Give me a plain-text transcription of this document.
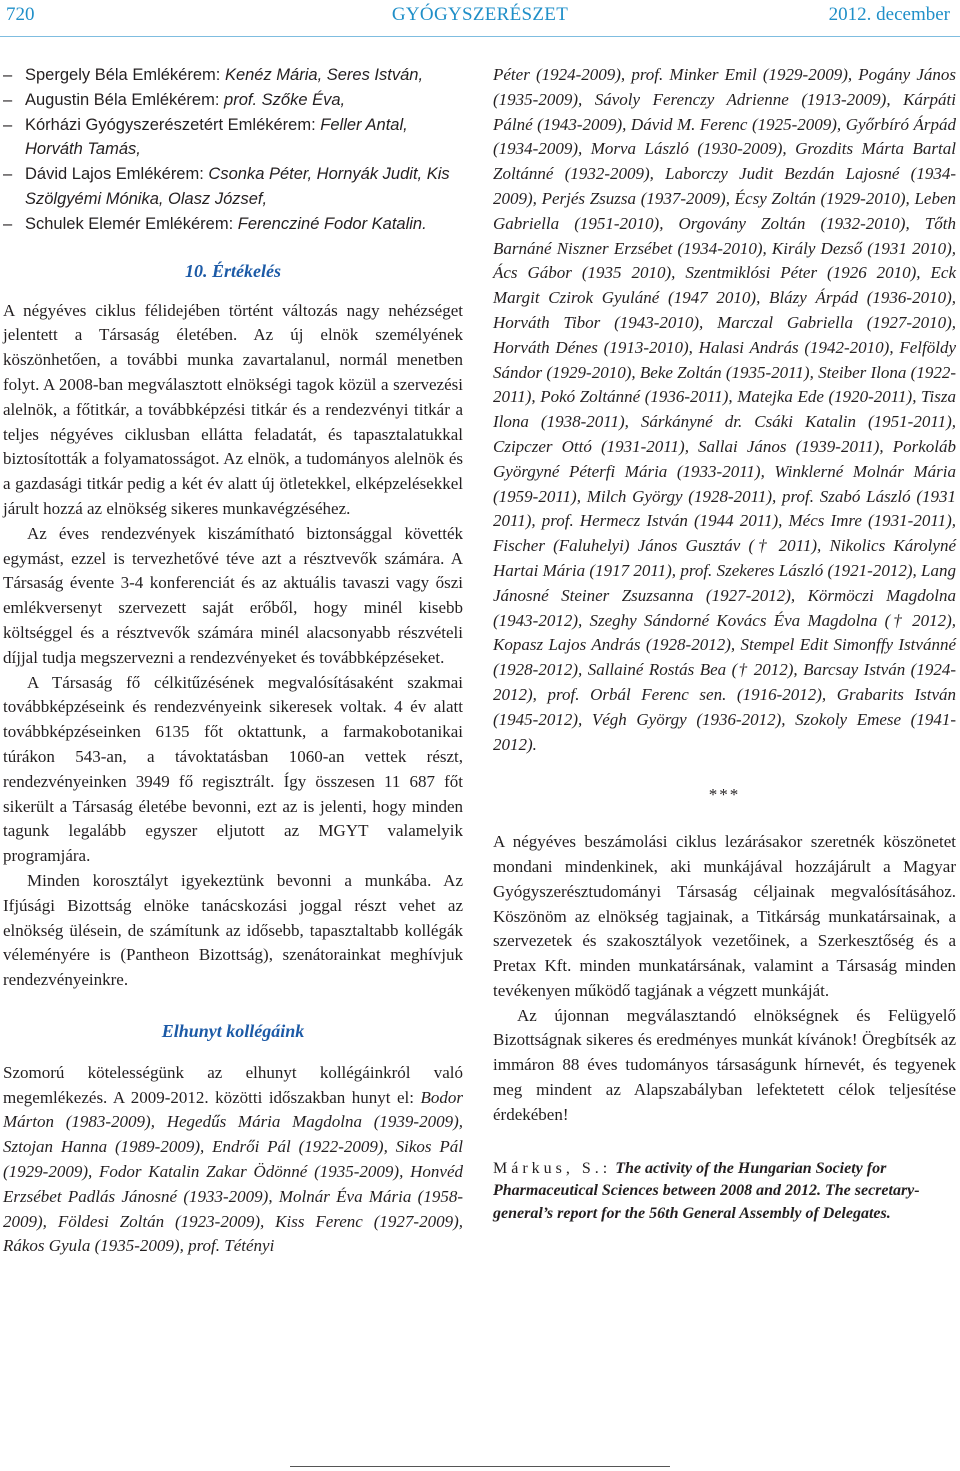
720	GYÓGYSZERÉSZET	2012. december
– Spergely Béla Emlékérem: Kenéz Mária, Seres István,
– Augustin Béla Emlékérem: prof. Szőke Éva,
– Kórházi Gyógyszerészetért Emlékérem: Feller Antal, Horváth Tamás,
– Dávid Lajos Emlékérem: Csonka Péter, Hornyák Judit, Kis Szölgyémi Mónika, Olasz József,
– Schulek Elemér Emlékérem: Ferencziné Fodor Katalin.
10. Értékelés

A négyéves ciklus félidejében történt változás nagy nehézséget jelentett a Társaság életében. Az új elnök személyének köszönhetően, a további munka zavartalanul, normál menetben folyt. A 2008-ban megválasztott elnökségi tagok közül a szervezési alelnök, a főtitkár, a továbbképzési titkár és a rendezvényi titkár a teljes négyéves ciklusban ellátta feladatát, és tapasztalatukkal biztosították a folyamatosságot. Az elnök, a tudományos alelnök és a gazdasági titkár pedig a két év alatt új ötletekkel, elképzelésekkel járult hozzá az elnökség sikeres munkavégzéséhez.

Az éves rendezvények kiszámítható biztonsággal követték egymást, ezzel is tervezhetővé téve azt a résztvevők számára. A Társaság évente 3-4 konferenciát és az aktuális tavaszi vagy őszi emlékversenyt szervezett saját erőből, hogy minél kisebb költséggel és a résztvevők számára minél alacsonyabb részvételi díjjal tudja megszervezni a rendezvényeket és továbbképzéseket.

A Társaság fő célkitűzésének megvalósításaként szakmai továbbképzéseink és rendezvényeink sikeresek voltak. 4 év alatt továbbképzéseinken 6135 főt oktattunk, a farmakobotanikai túrákon 543-an, a távoktatásban 1060-an vettek részt, rendezvényeinken 3949 fő regisztrált. Így összesen 11 687 főt sikerült a Társaság életébe bevonni, ezt az is jelenti, hogy minden tagunk legalább egyszer eljutott az MGYT valamelyik programjára.

Minden korosztályt igyekeztünk bevonni a munkába. Az Ifjúsági Bizottság elnöke tanácskozási joggal részt vehet az elnökség ülésein, de számítunk az idősebb, tapasztaltabb kollégák véleményére is (Pantheon Bizottság), szenátorainkat meghívjuk rendezvényeinkre.

Elhunyt kollégáink

Szomorú kötelességünk az elhunyt kollégáinkról való megemlékezés. A 2009-2012. közötti időszakban hunyt el: Bodor Márton (1983-2009), Hegedűs Mária Magdolna (1939-2009), Sztojan Hanna (1989-2009), Endrői Pál (1922-2009), Sikos Pál (1929-2009), Fodor Katalin Zakar Ödönné (1935-2009), Honvéd Erzsébet Padlás Jánosné (1933-2009), Molnár Éva Mária (1958-2009), Földesi Zoltán (1923-2009), Kiss Ferenc (1927-2009), Rákos Gyula (1935-2009), prof. Tétényi

Péter (1924-2009), prof. Minker Emil (1929-2009), Pogány János (1935-2009), Sávoly Ferenczy Adrienne (1913-2009), Kárpáti Pálné (1943-2009), Dávid M. Ferenc (1925-2009), Győrbíró Árpád (1934-2009), Morva László (1930-2009), Grozdits Márta Bartal Zoltánné (1932-2009), Laborczy Judit Bezdán Lajosné (1934-2009), Perjés Zsuzsa (1937-2009), Écsy Zoltán (1929-2010), Leben Gabriella (1951-2010), Orgovány Zoltán (1932-2010), Tőth Barnáné Niszner Erzsébet (1934-2010), Király Dezső (1931 2010), Ács Gábor (1935 2010), Szentmiklósi Péter (1926 2010), Eck Margit Czirok Gyuláné (1947 2010), Blázy Árpád (1936-2010), Horváth Tibor (1943-2010), Marczal Gabriella (1927-2010), Horváth Dénes (1913-2010), Halasi András (1942-2010), Felföldy Sándor (1929-2010), Beke Zoltán (1935-2011), Steiber Ilona (1922-2011), Pokó Zoltánné (1936-2011), Matejka Ede (1920-2011), Tisza Ilona (1938-2011), Sárkányné dr. Csáki Katalin (1951-2011), Czipczer Ottó (1931-2011), Sallai János (1939-2011), Porkoláb Györgyné Péterfi Mária (1933-2011), Winklerné Molnár Mária (1959-2011), Milch György (1928-2011), prof. Szabó László (1931 2011), prof. Hermecz István (1944 2011), Mécs Imre (1931-2011), Fischer (Faluhelyi) János Gusztáv († 2011), Nikolics Károlyné Hartai Mária (1917 2011), prof. Szekeres László (1921-2012), Lang Jánosné Steiner Zsuzsanna (1927-2012), Körmöczi Magdolna (1943-2012), Szeghy Sándorné Kovács Éva Magdolna († 2012), Kopasz Lajos András (1928-2012), Stempel Edit Simonffy Istvánné (1928-2012), Sallainé Rostás Bea († 2012), Barcsay István (1924-2012), prof. Orbál Ferenc sen. (1916-2012), Grabarits István (1945-2012), Végh György (1936-2012), Szokoly Emese (1941-2012).

***

A négyéves beszámolási ciklus lezárásakor szeretnék köszönetet mondani mindenkinek, aki munkájával hozzájárult a Magyar Gyógyszerésztudományi Társaság céljainak megvalósításához. Köszönöm az elnökség tagjainak, a Titkárság munkatársainak, a szervezetek és szakosztályok vezetőinek, a Szerkesztőség és a Pretax Kft. minden munkatársának, valamint a Társaság minden tevékenyen működő tagjának a végzett munkáját.

Az újonnan megválasztandó elnökségnek és Felügyelő Bizottságnak sikeres és eredményes munkát kívánok! Öregbítsék az immáron 88 éves tudományos társaságunk hírnevét, és tegyenek meg mindent az Alapszabályban lefektetett célok teljesítése érdekében!

Márkus, S.: The activity of the Hungarian Society for Pharmaceutical Sciences between 2008 and 2012. The secretary-general’s report for the 56th General Assembly of Delegates.
